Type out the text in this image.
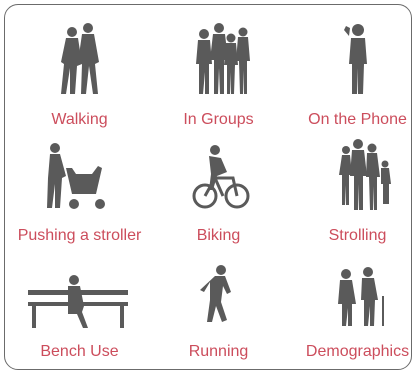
Walking	In Groups	On the Phone
Pushing a stroller	Biking	Strolling
Bench Use	Running	Demographics
